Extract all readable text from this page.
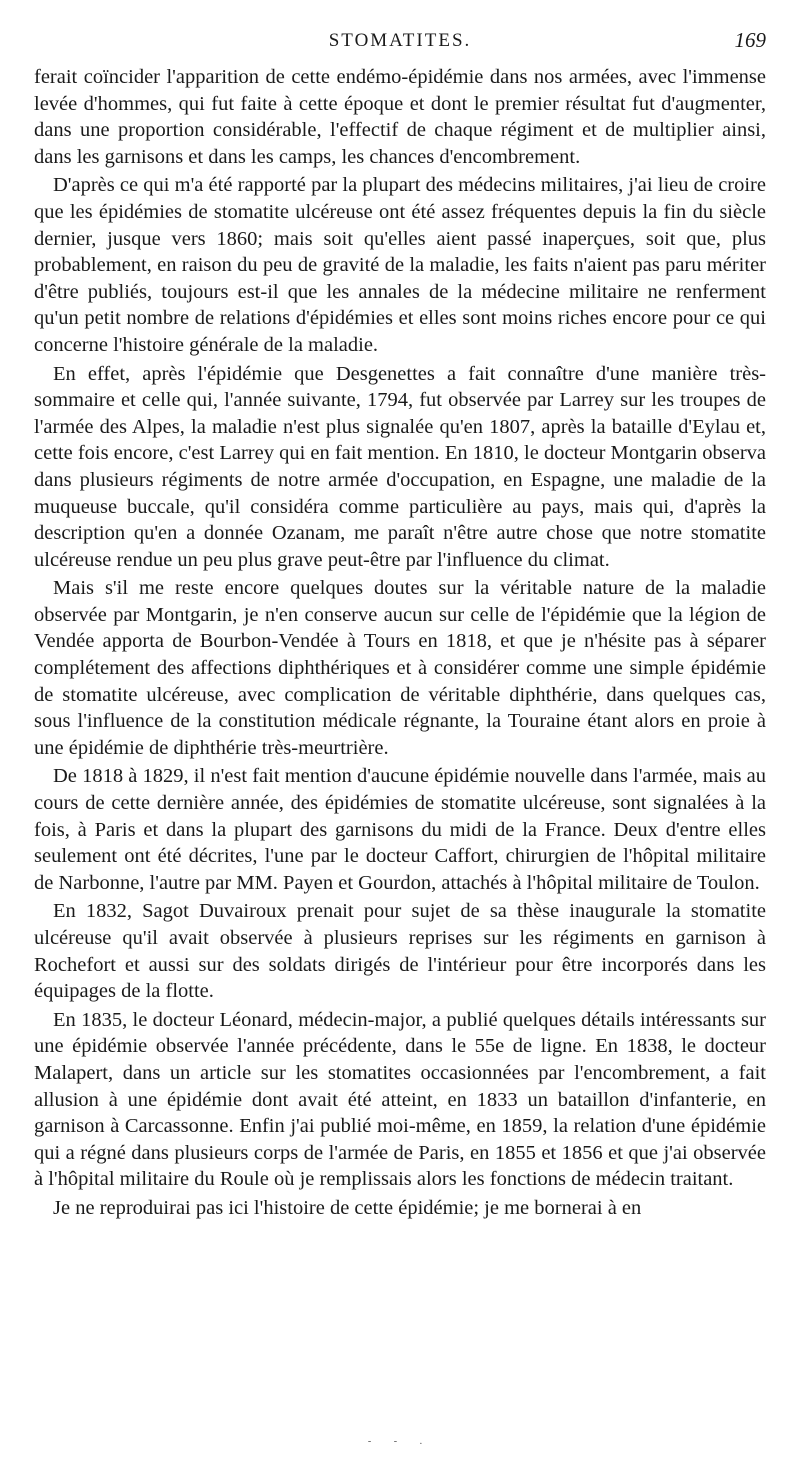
STOMATITES.	169

ferait coïncider l'apparition de cette endémo-épidémie dans nos armées, avec l'immense levée d'hommes, qui fut faite à cette époque et dont le premier résultat fut d'augmenter, dans une proportion considérable, l'effectif de chaque régiment et de multiplier ainsi, dans les garnisons et dans les camps, les chances d'encombrement.

D'après ce qui m'a été rapporté par la plupart des médecins militaires, j'ai lieu de croire que les épidémies de stomatite ulcéreuse ont été assez fréquentes depuis la fin du siècle dernier, jusque vers 1860; mais soit qu'elles aient passé inaperçues, soit que, plus probablement, en raison du peu de gravité de la maladie, les faits n'aient pas paru mériter d'être publiés, toujours est-il que les annales de la médecine militaire ne renferment qu'un petit nombre de relations d'épidémies et elles sont moins riches encore pour ce qui concerne l'histoire générale de la maladie.

En effet, après l'épidémie que Desgenettes a fait connaître d'une manière très-sommaire et celle qui, l'année suivante, 1794, fut observée par Larrey sur les troupes de l'armée des Alpes, la maladie n'est plus signalée qu'en 1807, après la bataille d'Eylau et, cette fois encore, c'est Larrey qui en fait mention. En 1810, le docteur Montgarin observa dans plusieurs régiments de notre armée d'occupation, en Espagne, une maladie de la muqueuse buccale, qu'il considéra comme particulière au pays, mais qui, d'après la description qu'en a donnée Ozanam, me paraît n'être autre chose que notre stomatite ulcéreuse rendue un peu plus grave peut-être par l'influence du climat.

Mais s'il me reste encore quelques doutes sur la véritable nature de la maladie observée par Montgarin, je n'en conserve aucun sur celle de l'épidémie que la légion de Vendée apporta de Bourbon-Vendée à Tours en 1818, et que je n'hésite pas à séparer complétement des affections diphthériques et à considérer comme une simple épidémie de stomatite ulcéreuse, avec complication de véritable diphthérie, dans quelques cas, sous l'influence de la constitution médicale régnante, la Touraine étant alors en proie à une épidémie de diphthérie très-meurtrière.

De 1818 à 1829, il n'est fait mention d'aucune épidémie nouvelle dans l'armée, mais au cours de cette dernière année, des épidémies de stomatite ulcéreuse, sont signalées à la fois, à Paris et dans la plupart des garnisons du midi de la France. Deux d'entre elles seulement ont été décrites, l'une par le docteur Caffort, chirurgien de l'hôpital militaire de Narbonne, l'autre par MM. Payen et Gourdon, attachés à l'hôpital militaire de Toulon.

En 1832, Sagot Duvairoux prenait pour sujet de sa thèse inaugurale la stomatite ulcéreuse qu'il avait observée à plusieurs reprises sur les régiments en garnison à Rochefort et aussi sur des soldats dirigés de l'intérieur pour être incorporés dans les équipages de la flotte.

En 1835, le docteur Léonard, médecin-major, a publié quelques détails intéressants sur une épidémie observée l'année précédente, dans le 55e de ligne. En 1838, le docteur Malapert, dans un article sur les stomatites occasionnées par l'encombrement, a fait allusion à une épidémie dont avait été atteint, en 1833 un bataillon d'infanterie, en garnison à Carcassonne. Enfin j'ai publié moi-même, en 1859, la relation d'une épidémie qui a régné dans plusieurs corps de l'armée de Paris, en 1855 et 1856 et que j'ai observée à l'hôpital militaire du Roule où je remplissais alors les fonctions de médecin traitant.

Je ne reproduirai pas ici l'histoire de cette épidémie; je me bornerai à en

- - .
